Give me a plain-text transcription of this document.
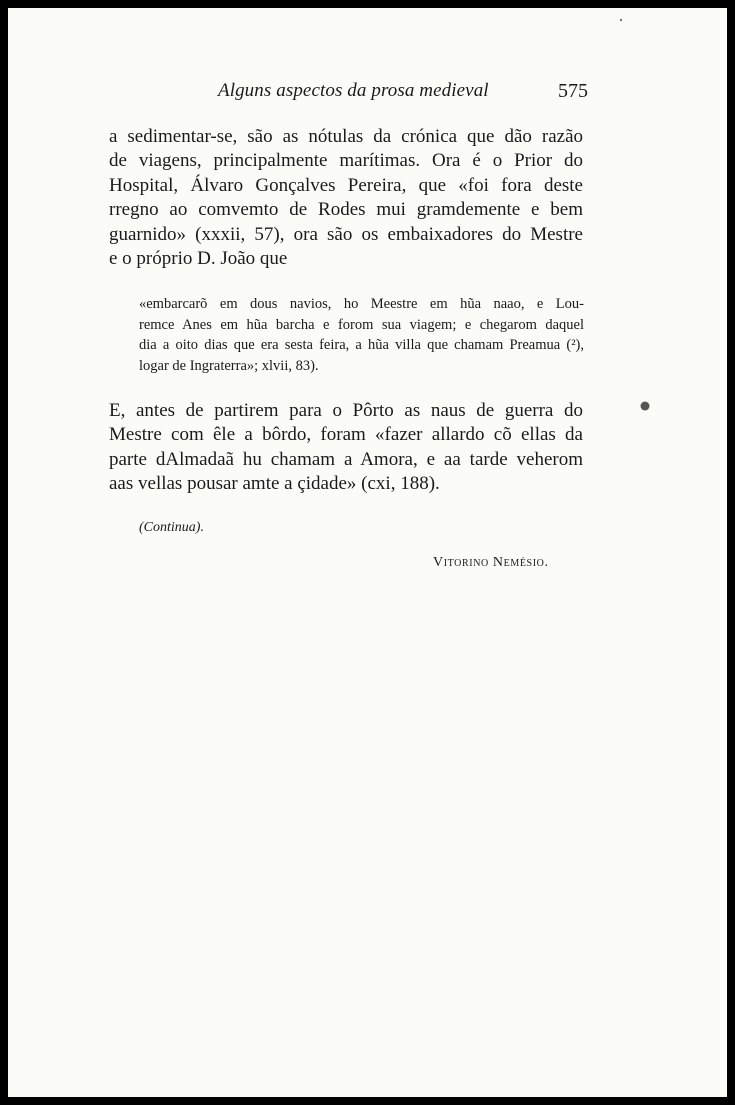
Alguns aspectos da prosa medieval	575
a sedimentar-se, são as nótulas da crónica que dão razão
de viagens, principalmente marítimas. Ora é o Prior do
Hospital, Álvaro Gonçalves Pereira, que «foi fora deste
rregno ao comvemto de Rodes mui gramdemente e bem
guarnido» (xxxii, 57), ora são os embaixadores do Mestre
e o próprio D. João que
«embarcarõ em dous navios, ho Meestre em hũa naao, e Lou-
remce Anes em hũa barcha e forom sua viagem; e chegarom daquel
dia a oito dias que era sesta feira, a hũa villa que chamam Preamua (²),
logar de Ingraterra»; xlvii, 83).
E, antes de partirem para o Pôrto as naus de guerra do
Mestre com êle a bôrdo, foram «fazer allardo cõ ellas da
parte dAlmadaã hu chamam a Amora, e aa tarde veherom
aas vellas pousar amte a çidade» (cxi, 188).
(Continua).
Vitorino Nemésio.
